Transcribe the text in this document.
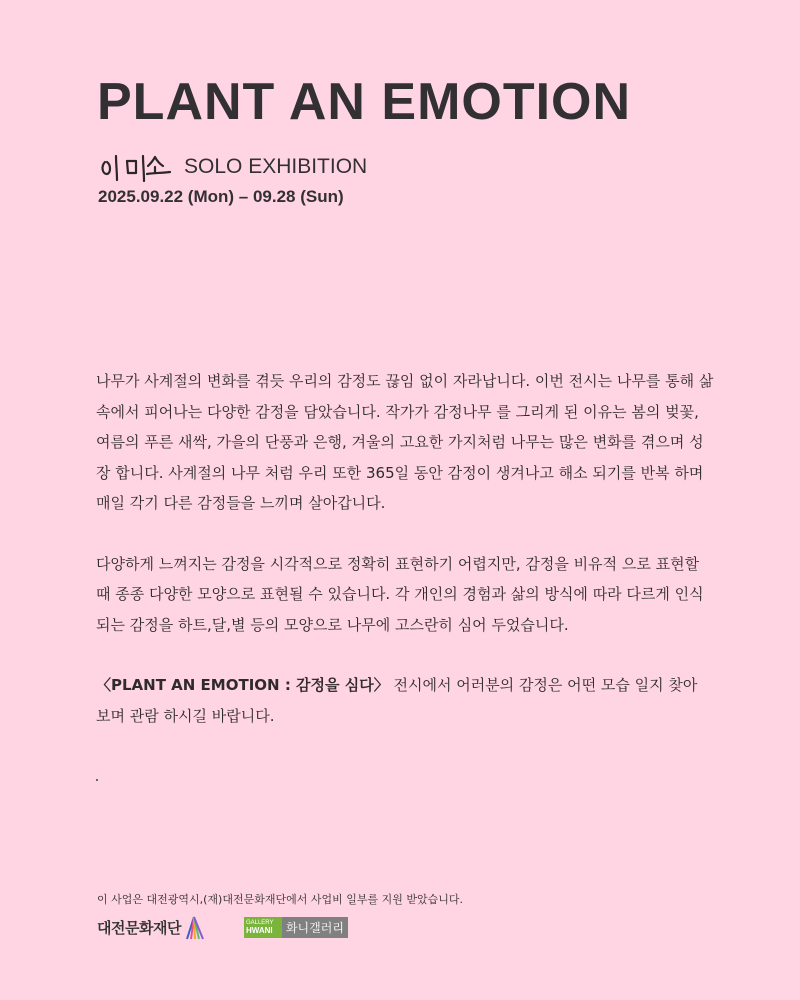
PLANT AN EMOTION
SOLO EXHIBITION
2025.09.22 (Mon) – 09.28 (Sun)

나무가 사계절의 변화를 겪듯 우리의 감정도 끊임 없이 자라납니다. 이번 전시는 나무를 통해 삶 속에서 피어나는 다양한 감정을 담았습니다. 작가가 감정나무 를 그리게 된 이유는 봄의 벚꽃, 여름의 푸른 새싹, 가을의 단풍과 은행, 겨울의 고요한 가지처럼 나무는 많은 변화를 겪으며 성장 합니다. 사계절의 나무 처럼 우리 또한 365일 동안 감정이 생겨나고 해소 되기를 반복 하며 매일 각기 다른 감정들을 느끼며 살아갑니다.

다양하게 느껴지는 감정을 시각적으로 정확히 표현하기 어렵지만, 감정을 비유적 으로 표현할 때 종종 다양한 모양으로 표현될 수 있습니다. 각 개인의 경험과 삶의 방식에 따라 다르게 인식되는 감정을 하트,달,별 등의 모양으로 나무에 고스란히 심어 두었습니다.

〈PLANT AN EMOTION : 감정을 심다〉 전시에서 어러분의 감정은 어떤 모습 일지 찾아 보며 관람 하시길 바랍니다.

이 사업은 대전광역시,(재)대전문화재단에서 사업비 일부를 지원 받았습니다.
대전문화재단	GALLERY
HWANI	화니갤러리
